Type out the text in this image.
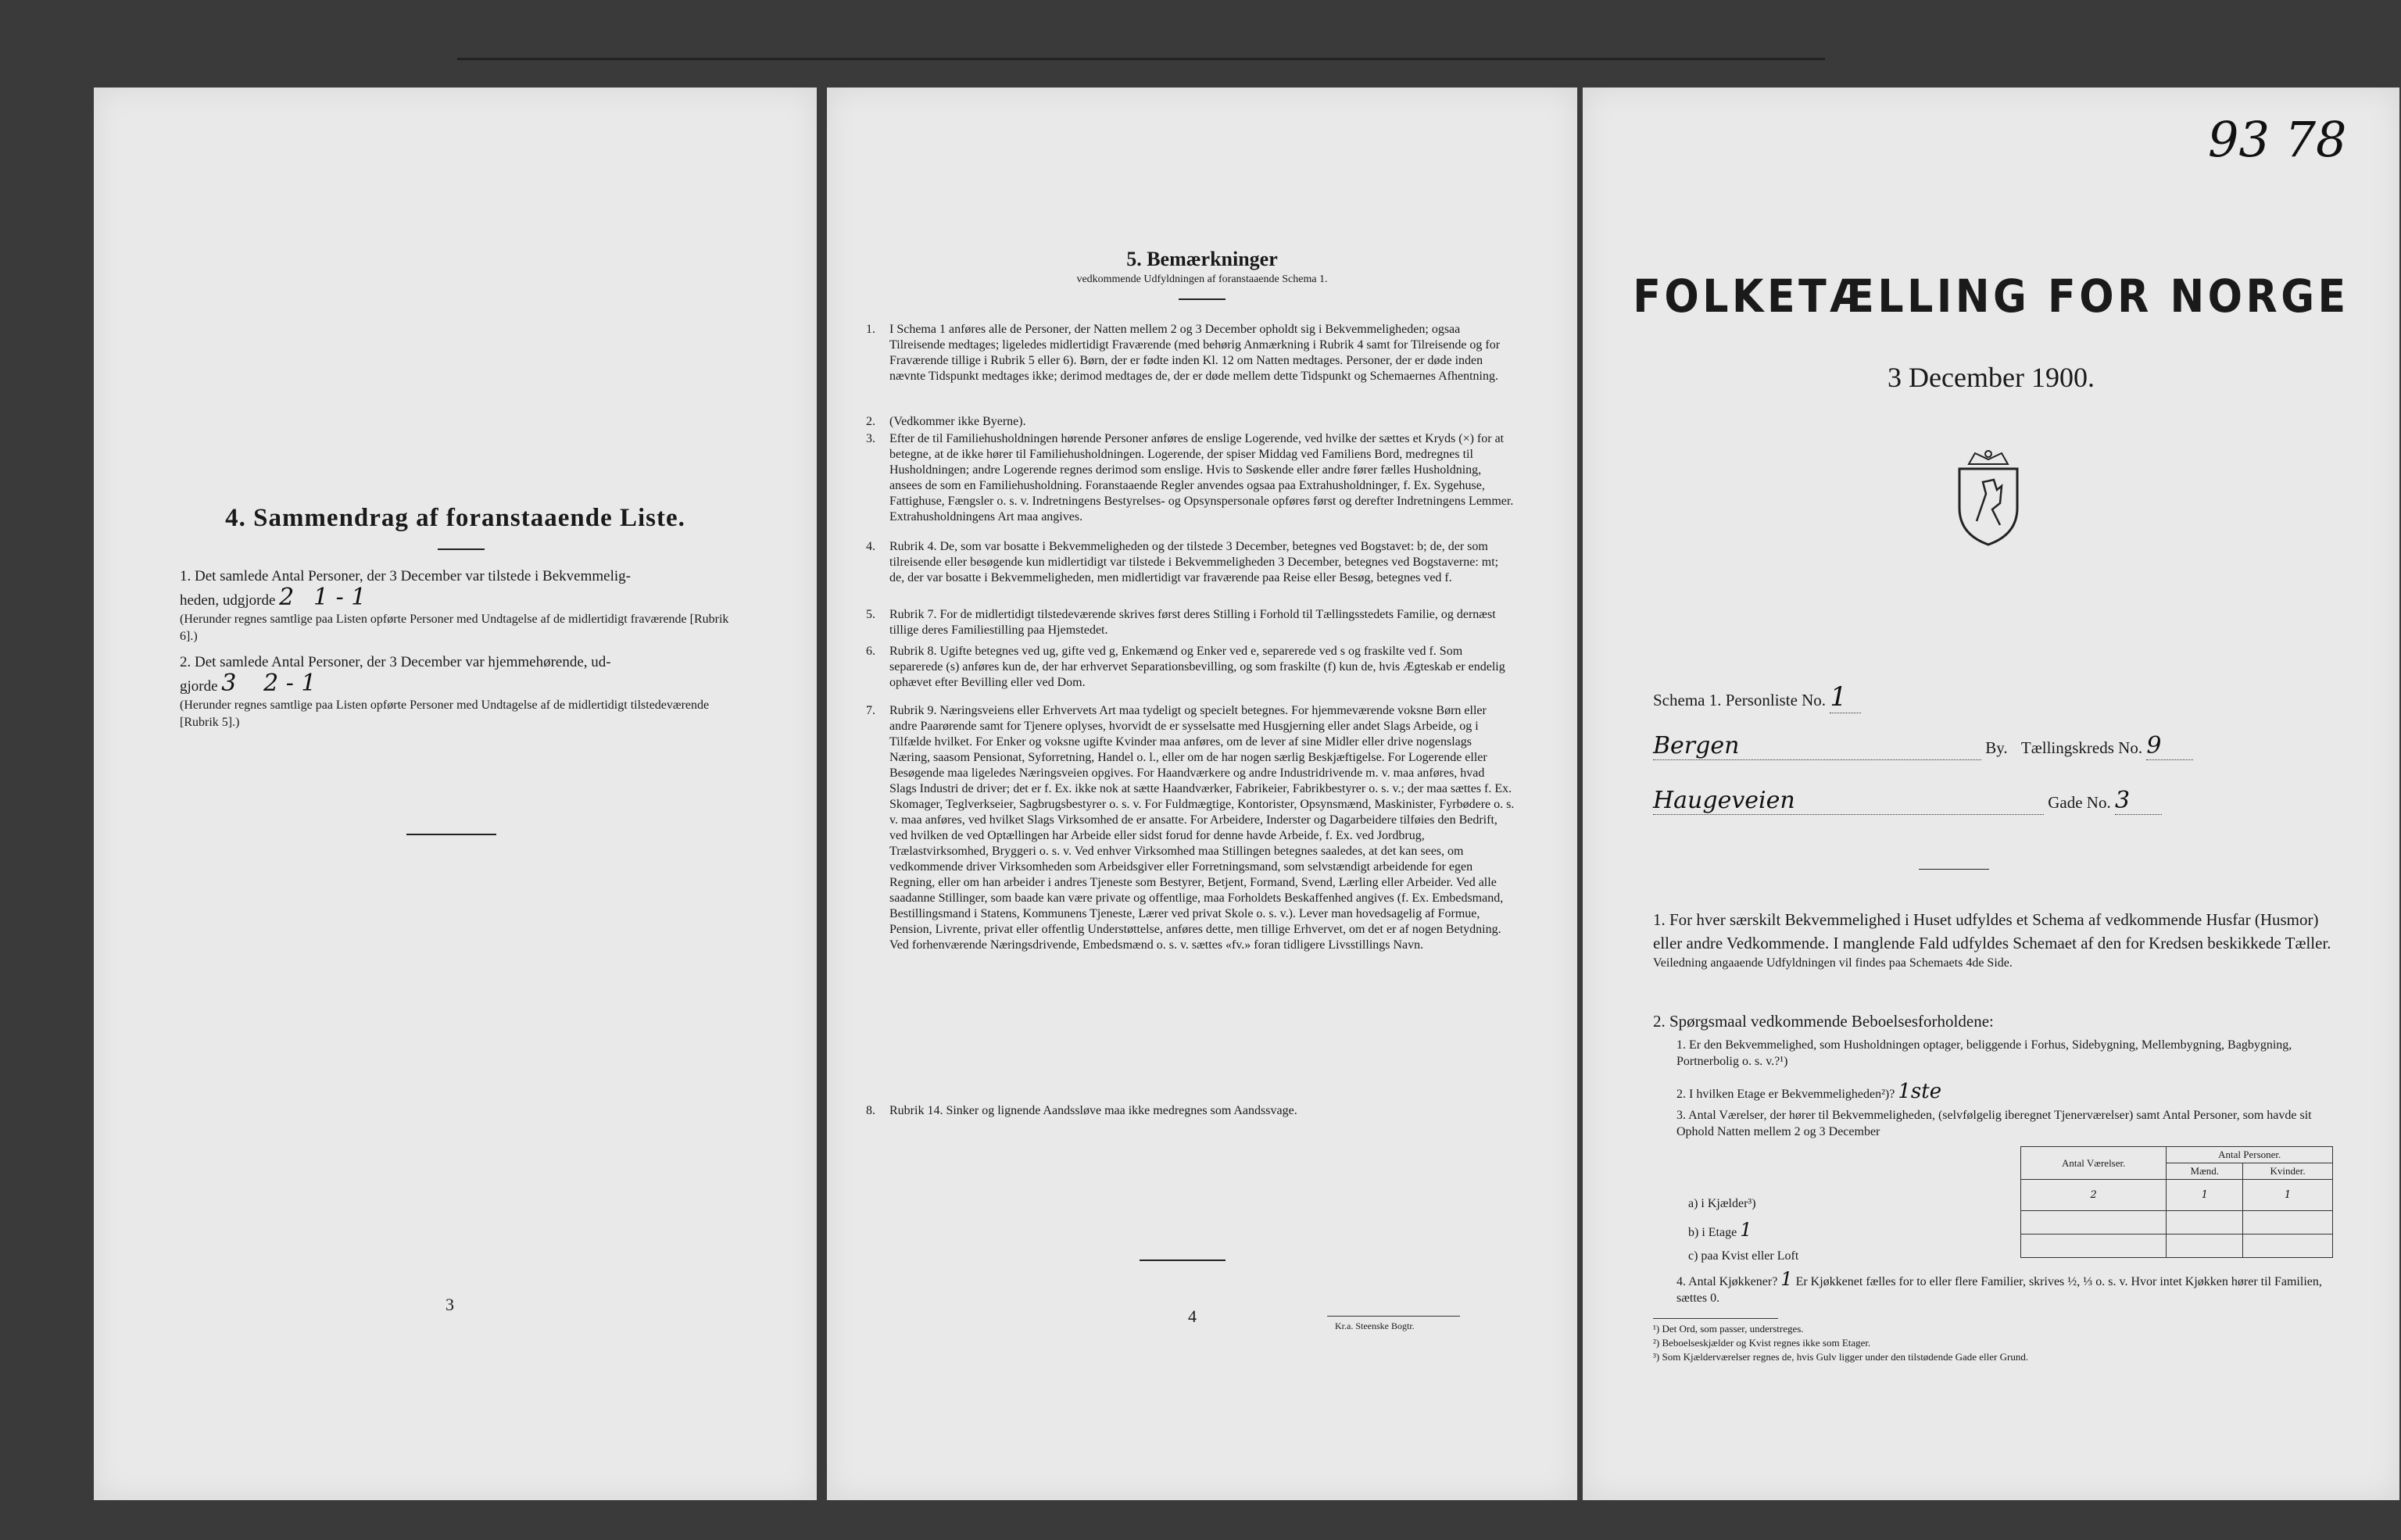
4. Sammendrag af foranstaaende Liste.
1. Det samlede Antal Personer, der 3 December var tilstede i Bekvemmelig-
heden, udgjorde 2 1 - 1
(Herunder regnes samtlige paa Listen opførte Personer med Undtagelse af de midlertidigt fraværende [Rubrik 6].)
2. Det samlede Antal Personer, der 3 December var hjemmehørende, ud-
gjorde 3 2 - 1
(Herunder regnes samtlige paa Listen opførte Personer med Undtagelse af de midlertidigt tilstedeværende [Rubrik 5].)
3
5. Bemærkninger
vedkommende Udfyldningen af foranstaaende Schema 1.
1. I Schema 1 anføres alle de Personer, der Natten mellem 2 og 3 December opholdt sig i Bekvemmeligheden; ogsaa Tilreisende medtages; ligeledes midlertidigt Fraværende (med behørig Anmærkning i Rubrik 4 samt for Tilreisende og for Fraværende tillige i Rubrik 5 eller 6). Børn, der er fødte inden Kl. 12 om Natten medtages. Personer, der er døde inden nævnte Tidspunkt medtages ikke; derimod medtages de, der er døde mellem dette Tidspunkt og Schemaernes Afhentning.
2. (Vedkommer ikke Byerne).
3. Efter de til Familiehusholdningen hørende Personer anføres de enslige Logerende, ved hvilke der sættes et Kryds (×) for at betegne, at de ikke hører til Familiehusholdningen. Logerende, der spiser Middag ved Familiens Bord, medregnes til Husholdningen; andre Logerende regnes derimod som enslige. Hvis to Søskende eller andre fører fælles Husholdning, ansees de som en Familiehusholdning. Foranstaaende Regler anvendes ogsaa paa Extrahusholdninger, f. Ex. Sygehuse, Fattighuse, Fængsler o. s. v. Indretningens Bestyrelses- og Opsynspersonale opføres først og derefter Indretningens Lemmer. Extrahusholdningens Art maa angives.
4. Rubrik 4. De, som var bosatte i Bekvemmeligheden og der tilstede 3 December, betegnes ved Bogstavet: b; de, der som tilreisende eller besøgende kun midlertidigt var tilstede i Bekvemmeligheden 3 December, betegnes ved Bogstaverne: mt; de, der var bosatte i Bekvemmeligheden, men midlertidigt var fraværende paa Reise eller Besøg, betegnes ved f.
5. Rubrik 7. For de midlertidigt tilstedeværende skrives først deres Stilling i Forhold til Tællingsstedets Familie, og dernæst tillige deres Familiestilling paa Hjemstedet.
6. Rubrik 8. Ugifte betegnes ved ug, gifte ved g, Enkemænd og Enker ved e, separerede ved s og fraskilte ved f. Som separerede (s) anføres kun de, der har erhvervet Separationsbevilling, og som fraskilte (f) kun de, hvis Ægteskab er endelig ophævet efter Bevilling eller ved Dom.
7. Rubrik 9. Næringsveiens eller Erhvervets Art maa tydeligt og specielt betegnes. For hjemmeværende voksne Børn eller andre Paarørende samt for Tjenere oplyses, hvorvidt de er sysselsatte med Husgjerning eller andet Slags Arbeide, og i Tilfælde hvilket. For Enker og voksne ugifte Kvinder maa anføres, om de lever af sine Midler eller drive nogenslags Næring, saasom Pensionat, Syforretning, Handel o. l., eller om de har nogen særlig Beskjæftigelse. For Logerende eller Besøgende maa ligeledes Næringsveien opgives. For Haandværkere og andre Industridrivende m. v. maa anføres, hvad Slags Industri de driver; det er f. Ex. ikke nok at sætte Haandværker, Fabrikeier, Fabrikbestyrer o. s. v.; der maa sættes f. Ex. Skomager, Teglverkseier, Sagbrugsbestyrer o. s. v. For Fuldmægtige, Kontorister, Opsynsmænd, Maskinister, Fyrbødere o. s. v. maa anføres, ved hvilket Slags Virksomhed de er ansatte. For Arbeidere, Inderster og Dagarbeidere tilføies den Bedrift, ved hvilken de ved Optællingen har Arbeide eller sidst forud for denne havde Arbeide, f. Ex. ved Jordbrug, Trælastvirksomhed, Bryggeri o. s. v. Ved enhver Virksomhed maa Stillingen betegnes saaledes, at det kan sees, om vedkommende driver Virksomheden som Arbeidsgiver eller Forretningsmand, som selvstændigt arbeidende for egen Regning, eller om han arbeider i andres Tjeneste som Bestyrer, Betjent, Formand, Svend, Lærling eller Arbeider. Ved alle saadanne Stillinger, som baade kan være private og offentlige, maa Forholdets Beskaffenhed angives (f. Ex. Embedsmand, Bestillingsmand i Statens, Kommunens Tjeneste, Lærer ved privat Skole o. s. v.). Lever man hovedsagelig af Formue, Pension, Livrente, privat eller offentlig Understøttelse, anføres dette, men tillige Erhvervet, om det er af nogen Betydning. Ved forhenværende Næringsdrivende, Embedsmænd o. s. v. sættes «fv.» foran tidligere Livsstillings Navn.
8. Rubrik 14. Sinker og lignende Aandssløve maa ikke medregnes som Aandssvage.
4	Kr.a. Steenske Bogtr.
93 78
FOLKETÆLLING FOR NORGE
3 December 1900.
Schema 1. Personliste No. 1
Bergen	By. Tællingskreds No. 9
Haugeveien	Gade No. 3
1. For hver særskilt Bekvemmelighed i Huset udfyldes et Schema af vedkommende Husfar (Husmor) eller andre Vedkommende. I manglende Fald udfyldes Schemaet af den for Kredsen beskikkede Tæller.
Veiledning angaaende Udfyldningen vil findes paa Schemaets 4de Side.
2. Spørgsmaal vedkommende Beboelsesforholdene:
1. Er den Bekvemmelighed, som Husholdningen optager, beliggende i Forhus, Sidebygning, Mellembygning, Bagbygning, Portnerbolig o. s. v.?¹)
2. I hvilken Etage er Bekvemmeligheden²)? 1ste
3. Antal Værelser, der hører til Bekvemmeligheden, (selvfølgelig iberegnet Tjenerværelser) samt Antal Personer, som havde sit Ophold Natten mellem 2 og 3 December
Antal Værelser.	Antal Personer.	
	Mænd.	Kvinder.
2	1	1

a) i Kjælder³)
b) i Etage 1
c) paa Kvist eller Loft
4. Antal Kjøkkener? 1 Er Kjøkkenet fælles for to eller flere Familier, skrives ½, ⅓ o. s. v. Hvor intet Kjøkken hører til Familien, sættes 0.
¹) Det Ord, som passer, understreges.
²) Beboelseskjælder og Kvist regnes ikke som Etager.
³) Som Kjælderværelser regnes de, hvis Gulv ligger under den tilstødende Gade eller Grund.
